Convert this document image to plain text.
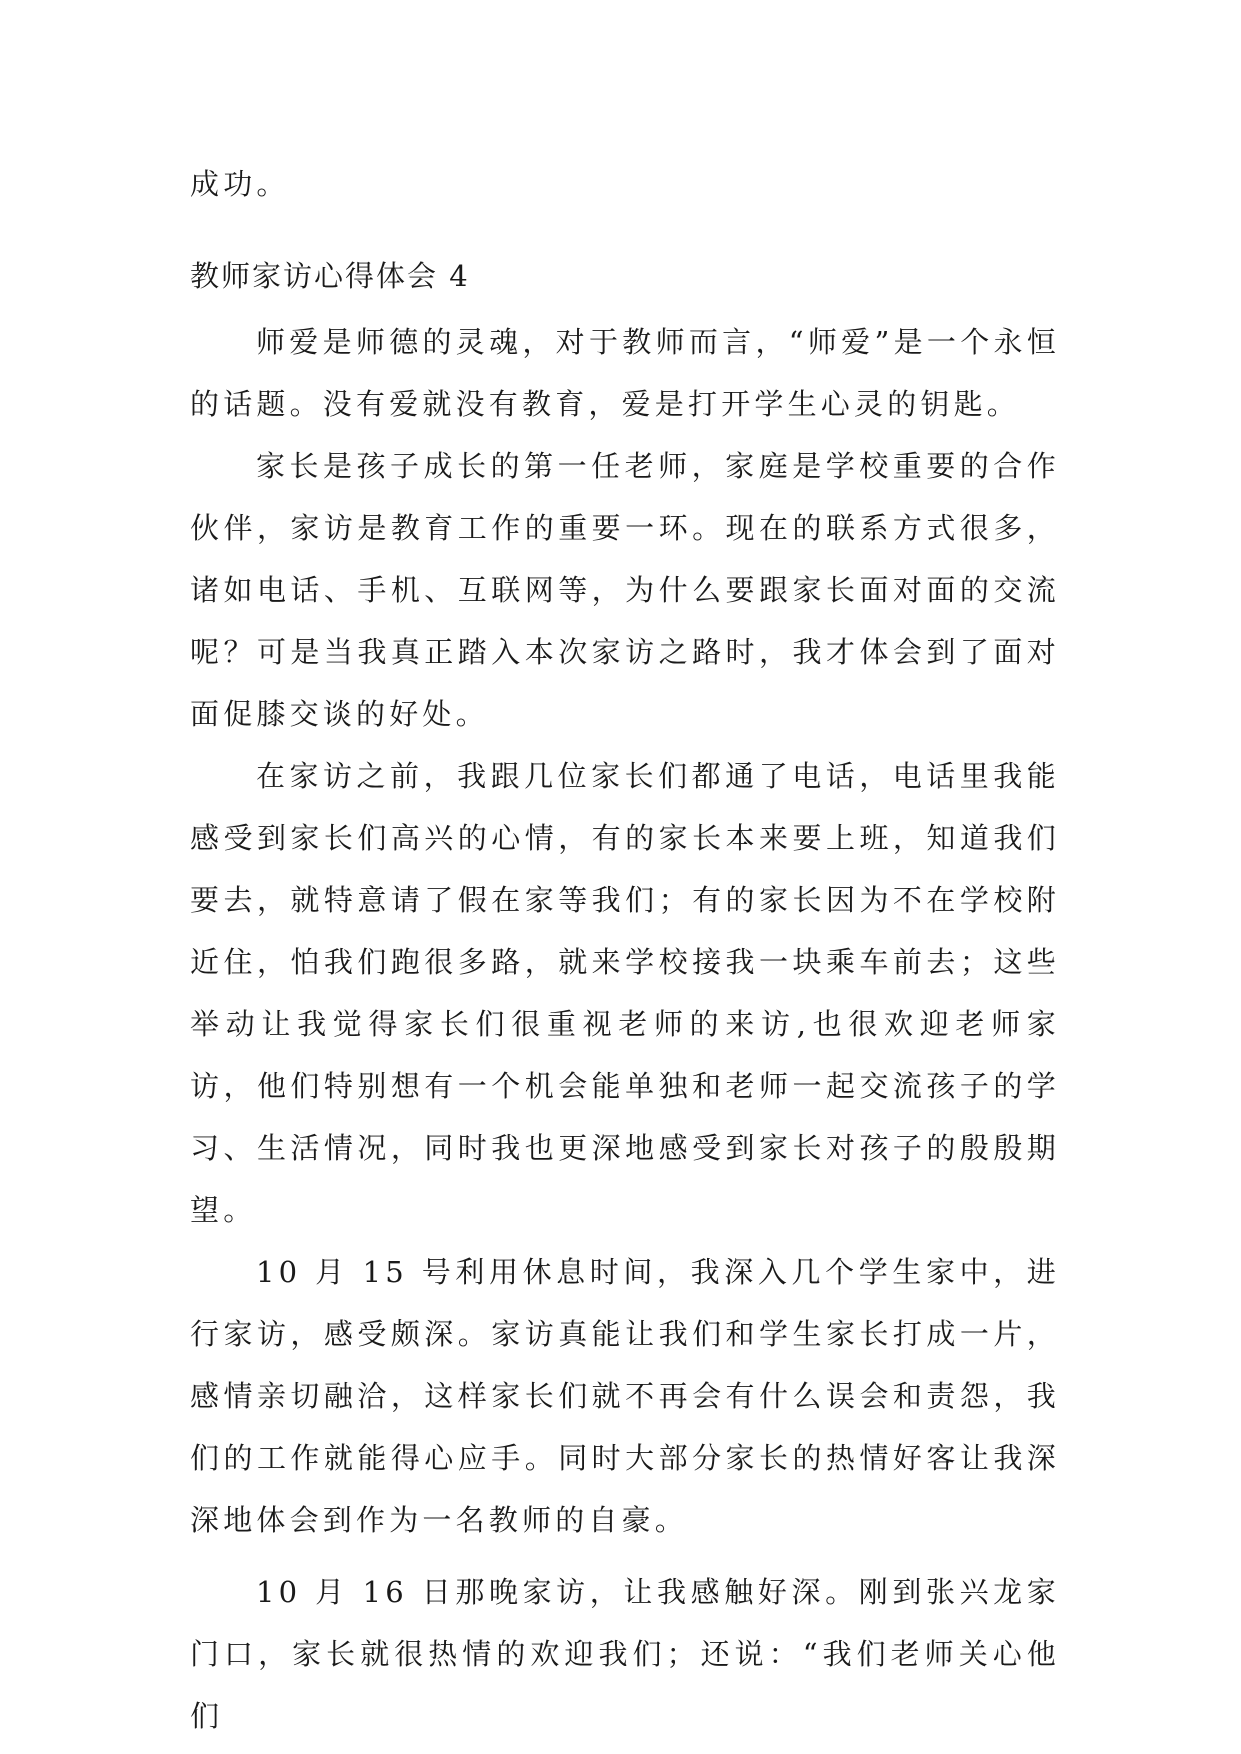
成功。

教师家访心得体会 4

师爱是师德的灵魂，对于教师而言，“师爱”是一个永恒的话题。没有爱就没有教育，爱是打开学生心灵的钥匙。

家长是孩子成长的第一任老师，家庭是学校重要的合作伙伴，家访是教育工作的重要一环。现在的联系方式很多，诸如电话、手机、互联网等，为什么要跟家长面对面的交流呢？可是当我真正踏入本次家访之路时，我才体会到了面对面促膝交谈的好处。

在家访之前，我跟几位家长们都通了电话，电话里我能感受到家长们高兴的心情，有的家长本来要上班，知道我们要去，就特意请了假在家等我们；有的家长因为不在学校附近住，怕我们跑很多路，就来学校接我一块乘车前去；这些举动让我觉得家长们很重视老师的来访,也很欢迎老师家访，他们特别想有一个机会能单独和老师一起交流孩子的学习、生活情况，同时我也更深地感受到家长对孩子的殷殷期望。

10 月 15 号利用休息时间，我深入几个学生家中，进行家访，感受颇深。家访真能让我们和学生家长打成一片，感情亲切融洽，这样家长们就不再会有什么误会和责怨，我们的工作就能得心应手。同时大部分家长的热情好客让我深深地体会到作为一名教师的自豪。

10 月 16 日那晚家访，让我感触好深。刚到张兴龙家门口，家长就很热情的欢迎我们；还说：“我们老师关心他们
